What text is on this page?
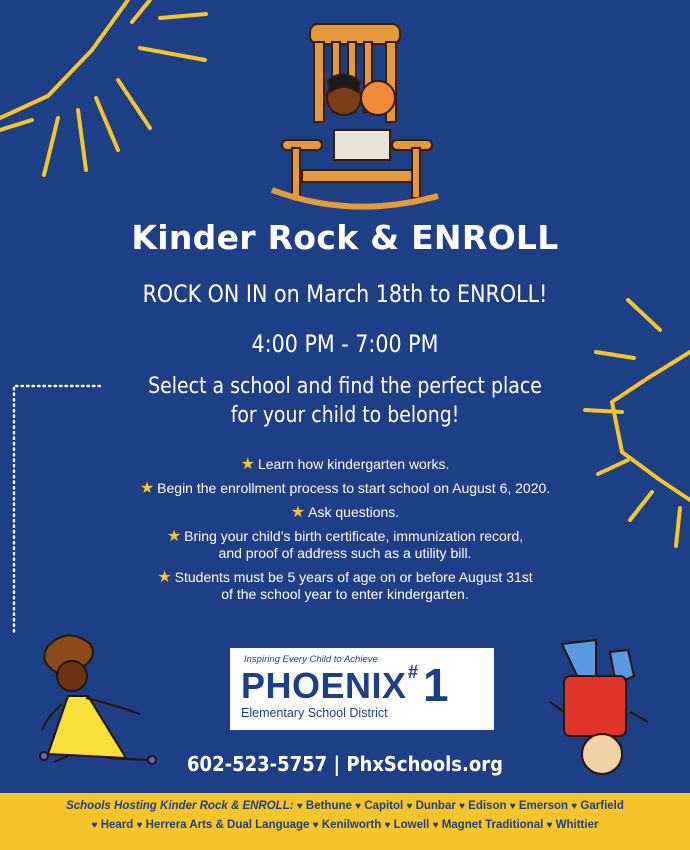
Kinder Rock & ENROLL
ROCK ON IN on March 18th to ENROLL!
4:00 PM - 7:00 PM
Select a school and find the perfect place
for your child to belong!
★ Learn how kindergarten works.
★ Begin the enrollment process to start school on August 6, 2020.
★ Ask questions.
★ Bring your child’s birth certificate, immunization record,
and proof of address such as a utility bill.
★ Students must be 5 years of age on or before August 31st
of the school year to enter kindergarten.
Inspiring Every Child to Achieve
PHOENIX # 1
Elementary School District
602-523-5757 | PhxSchools.org
Schools Hosting Kinder Rock & ENROLL: ♥ Bethune ♥ Capitol ♥ Dunbar ♥ Edison ♥ Emerson ♥ Garfield
♥ Heard ♥ Herrera Arts & Dual Language ♥ Kenilworth ♥ Lowell ♥ Magnet Traditional ♥ Whittier
